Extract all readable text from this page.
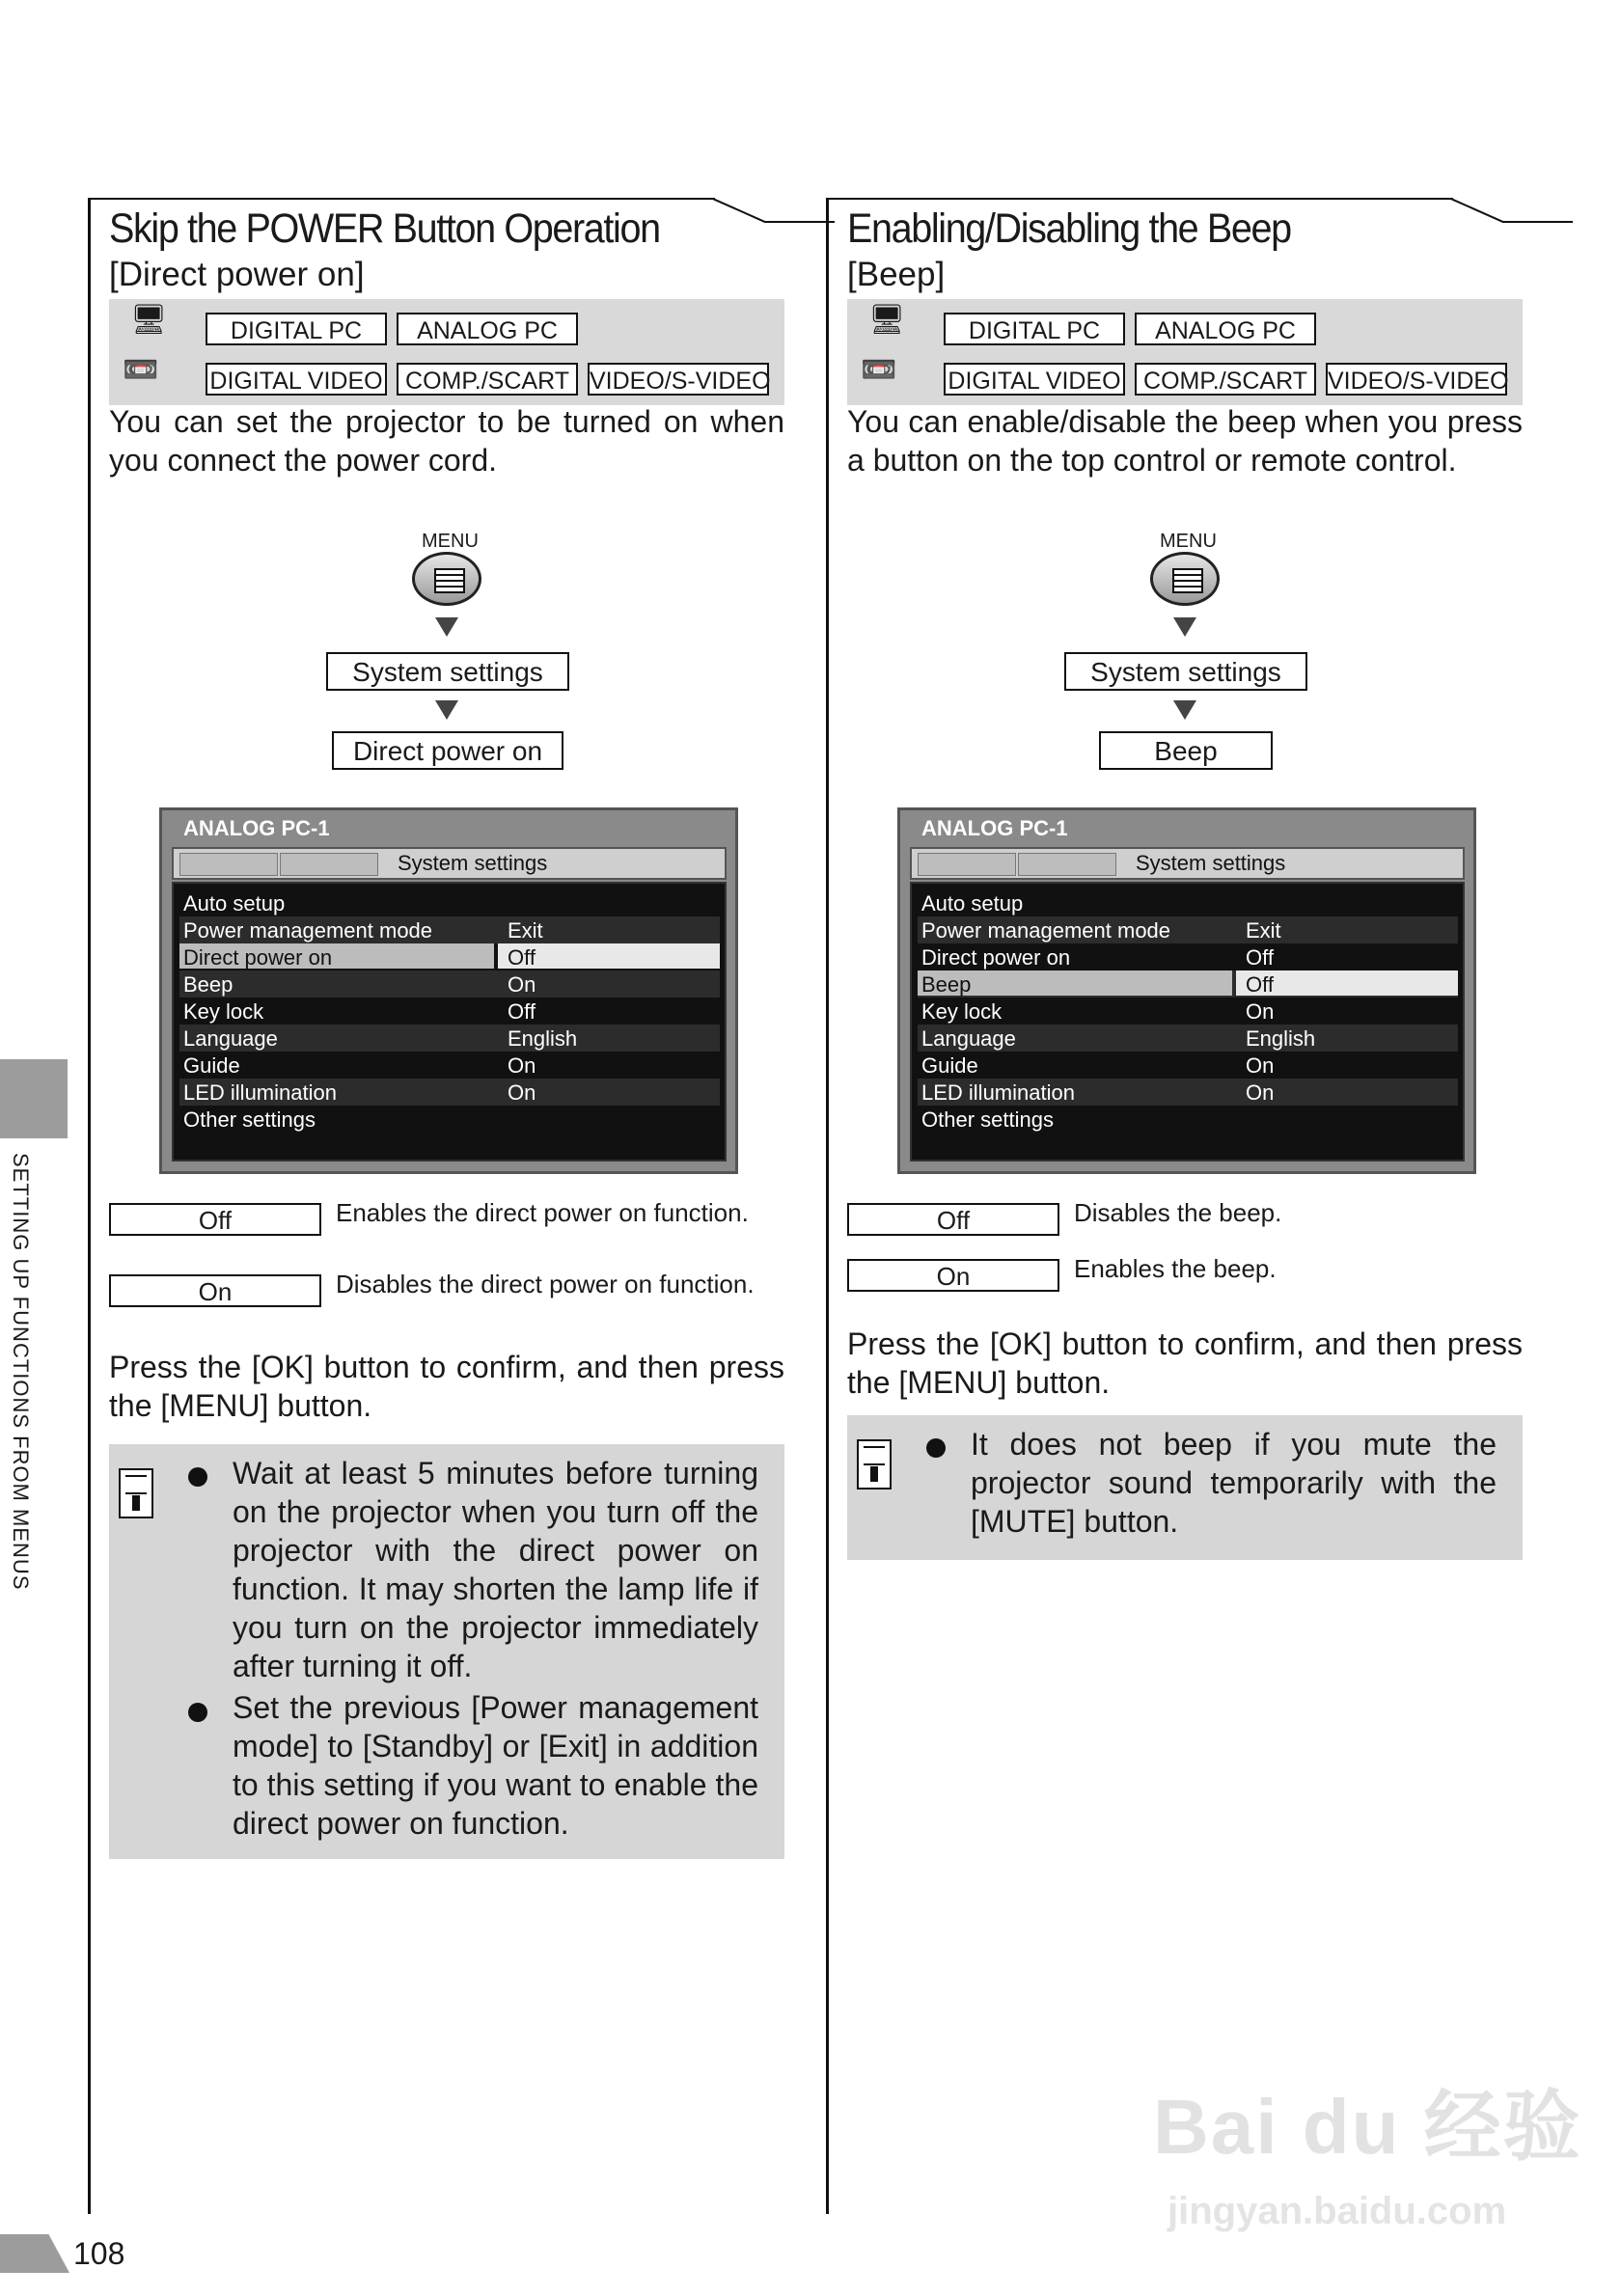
SETTING UP FUNCTIONS FROM MENUS
Skip the POWER Button Operation
[Direct power on]
🖥
📼
DIGITAL PC	ANALOG PC
DIGITAL VIDEO COMP./SCART VIDEO/S-VIDEO
You can set the projector to be turned on when you connect the power cord.
MENU
System settings
Direct power on
ANALOG PC-1
System settings
Auto setup
Power management mode	Exit
Direct power on	Off
Beep	On
Key lock	Off
Language	English
Guide	On
LED illumination	On
Other settings
Off	Enables the direct power on function.
On	Disables the direct power on function.
Press the [OK] button to confirm, and then press the [MENU] button.
Wait at least 5 minutes before turning on the projector when you turn off the projector with the direct power on function. It may shorten the lamp life if you turn on the projector immediately after turning it off.
Set the previous [Power management mode] to [Standby] or [Exit] in addition to this setting if you want to enable the direct power on function.
Enabling/Disabling the Beep
[Beep]
🖥
📼
DIGITAL PC	ANALOG PC
DIGITAL VIDEO COMP./SCART VIDEO/S-VIDEO
You can enable/disable the beep when you press a button on the top control or remote control.
MENU
System settings
Beep
ANALOG PC-1
System settings
Auto setup
Power management mode	Exit
Direct power on	Off
Beep	Off
Key lock	On
Language	English
Guide	On
LED illumination	On
Other settings
Off	Disables the beep.
On	Enables the beep.
Press the [OK] button to confirm, and then press the [MENU] button.
It does not beep if you mute the projector sound temporarily with the [MUTE] button.
108
Bai du 经验
jingyan.baidu.com
